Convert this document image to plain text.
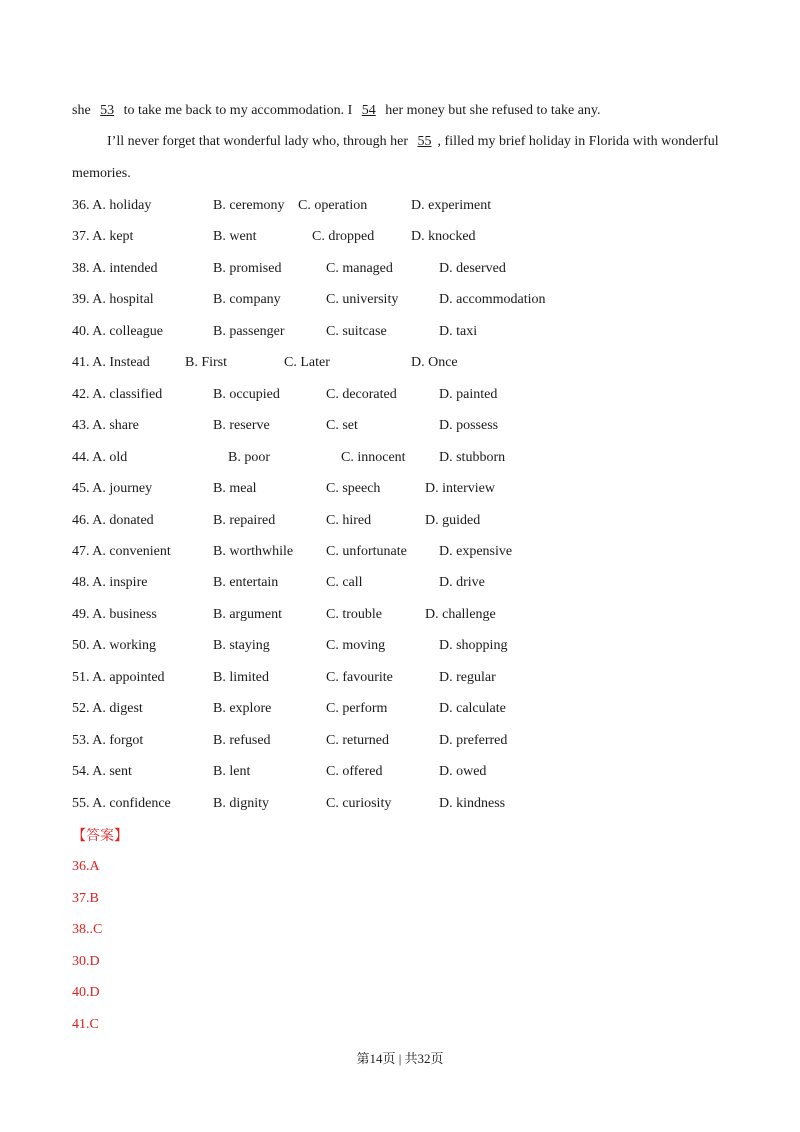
she 53 to take me back to my accommodation. I 54 her money but she refused to take any.
I’ll never forget that wonderful lady who, through her 55 , filled my brief holiday in Florida with wonderful
memories.
36. A. holiday	B. ceremony C. operation	D. experiment
37. A. kept	B. went	C. dropped	D. knocked
38. A. intended	B. promised	C. managed	D. deserved
39. A. hospital	B. company	C. university	D. accommodation
40. A. colleague	B. passenger	C. suitcase	D. taxi
41. A. Instead	B. First	C. Later	D. Once
42. A. classified	B. occupied	C. decorated	D. painted
43. A. share	B. reserve	C. set	D. possess
44. A. old	B. poor	C. innocent D. stubborn
45. A. journey	B. meal	C. speech	D. interview
46. A. donated	B. repaired	C. hired	D. guided
47. A. convenient	B. worthwhile C. unfortunate D. expensive
48. A. inspire	B. entertain	C. call	D. drive
49. A. business	B. argument	C. trouble	D. challenge
50. A. working	B. staying	C. moving	D. shopping
51. A. appointed	B. limited	C. favourite	D. regular
52. A. digest	B. explore	C. perform	D. calculate
53. A. forgot	B. refused	C. returned	D. preferred
54. A. sent	B. lent	C. offered	D. owed
55. A. confidence	B. dignity	C. curiosity	D. kindness
【答案】
36.A
37.B
38..C
30.D
40.D
41.C
第14页 | 共32页
